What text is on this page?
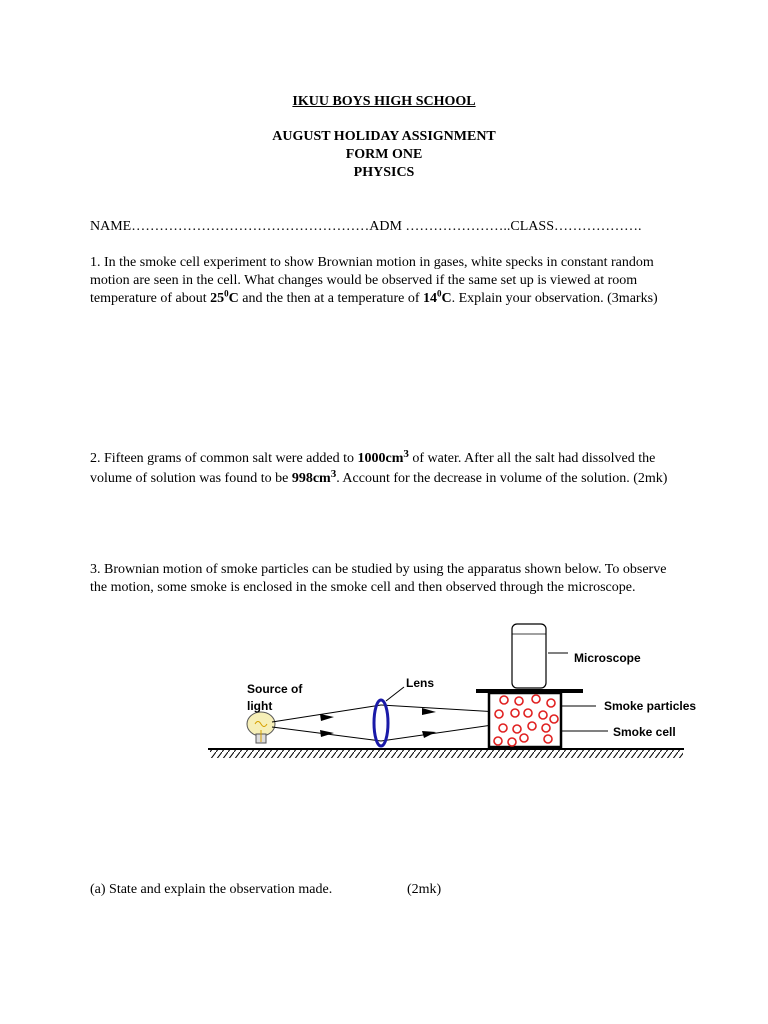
IKUU BOYS HIGH SCHOOL
AUGUST HOLIDAY ASSIGNMENT
FORM ONE
PHYSICS
NAME……………………………………………ADM …………………..CLASS……………….
1. In the smoke cell experiment to show Brownian motion in gases, white specks in constant random motion are seen in the cell. What changes would be observed if the same set up is viewed at room temperature of about $25^0C$ and the then at a temperature of $14^0C$. Explain your observation. (3marks)
2. Fifteen grams of common salt were added to $1000cm^3$ of water. After all the salt had dissolved the volume of solution was found to be $998cm^3$. Account for the decrease in volume of the solution. (2mk)
3. Brownian motion of smoke particles can be studied by using the apparatus shown below. To observe the motion, some smoke is enclosed in the smoke cell and then observed through the microscope.
Source of
light
Lens
Microscope
Smoke particles
Smoke cell
(a) State and explain the observation made.	(2mk)
